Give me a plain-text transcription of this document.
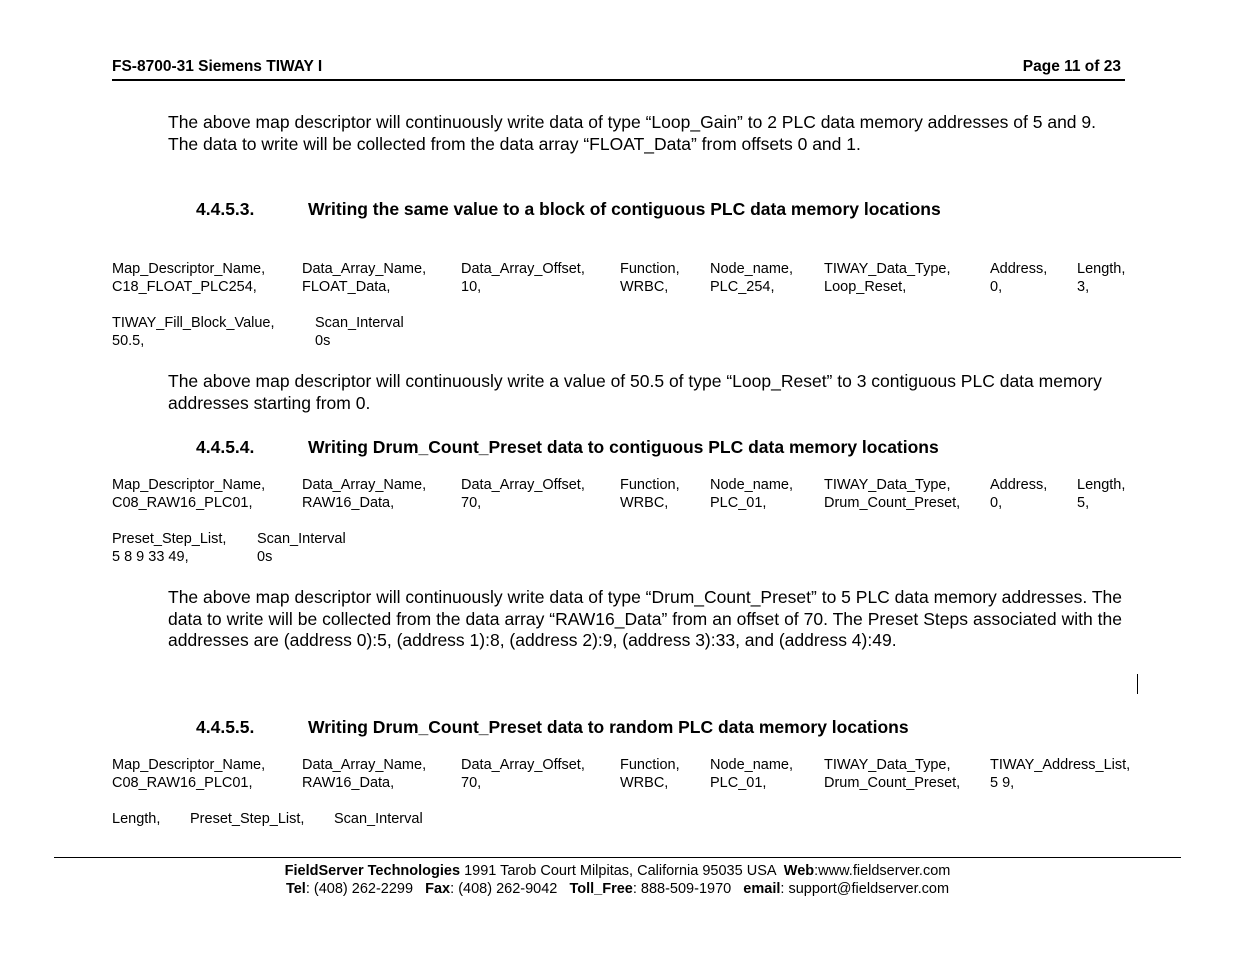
FS-8700-31 Siemens TIWAY I	Page 11 of 23
The above map descriptor will continuously write data of type “Loop_Gain” to 2 PLC data memory addresses of 5 and 9. The data to write will be collected from the data array “FLOAT_Data” from offsets 0 and 1.
4.4.5.3.	Writing the same value to a block of contiguous PLC data memory locations
Map_Descriptor_Name,	Data_Array_Name, Data_Array_Offset, Function, Node_name, TIWAY_Data_Type,	Address, Length,
C18_FLOAT_PLC254,	FLOAT_Data,	10,	WRBC,	PLC_254,	Loop_Reset,	0,	3,
TIWAY_Fill_Block_Value,	Scan_Interval
50.5,	0s
The above map descriptor will continuously write a value of 50.5 of type “Loop_Reset” to 3 contiguous PLC data memory addresses starting from 0.
4.4.5.4.	Writing Drum_Count_Preset data to contiguous PLC data memory locations
Map_Descriptor_Name,	Data_Array_Name, Data_Array_Offset, Function, Node_name, TIWAY_Data_Type,	Address, Length,
C08_RAW16_PLC01,	RAW16_Data,	70,	WRBC,	PLC_01,	Drum_Count_Preset, 0,	5,
Preset_Step_List, Scan_Interval
5 8 9 33 49,	0s
The above map descriptor will continuously write data of type “Drum_Count_Preset” to 5 PLC data memory addresses. The data to write will be collected from the data array “RAW16_Data” from an offset of 70. The Preset Steps associated with the addresses are (address 0):5, (address 1):8, (address 2):9, (address 3):33, and (address 4):49.
4.4.5.5.	Writing Drum_Count_Preset data to random PLC data memory locations
Map_Descriptor_Name,	Data_Array_Name, Data_Array_Offset, Function, Node_name, TIWAY_Data_Type,	TIWAY_Address_List,
C08_RAW16_PLC01,	RAW16_Data,	70,	WRBC,	PLC_01,	Drum_Count_Preset, 5 9,
Length, Preset_Step_List, Scan_Interval
FieldServer Technologies 1991 Tarob Court Milpitas, California 95035 USA  Web:www.fieldserver.com
Tel: (408) 262-2299   Fax: (408) 262-9042   Toll_Free: 888-509-1970   email: support@fieldserver.com
